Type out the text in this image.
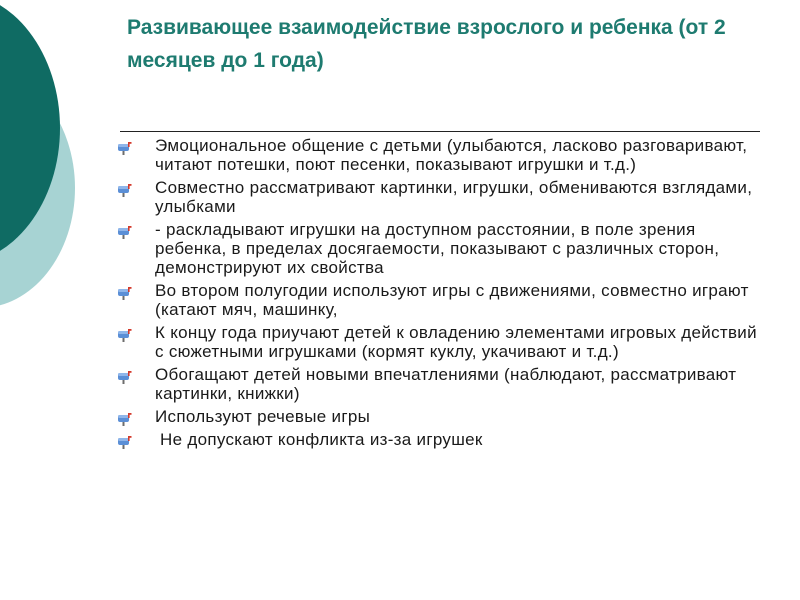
Развивающее взаимодействие взрослого и ребенка (от 2 месяцев до 1 года)
Эмоциональное общение с детьми (улыбаются, ласково разговаривают, читают потешки, поют песенки, показывают игрушки и т.д.)
Совместно рассматривают картинки, игрушки, обмениваются взглядами, улыбками
- раскладывают игрушки на доступном расстоянии, в поле зрения ребенка, в пределах досягаемости, показывают с различных сторон, демонстрируют их свойства
Во втором полугодии используют игры с движениями, совместно играют (катают мяч, машинку,
К концу года приучают детей к овладению элементами игровых действий с сюжетными игрушками (кормят куклу, укачивают и т.д.)
Обогащают детей новыми впечатлениями (наблюдают, рассматривают картинки, книжки)
Используют речевые игры
Не допускают конфликта из-за игрушек
